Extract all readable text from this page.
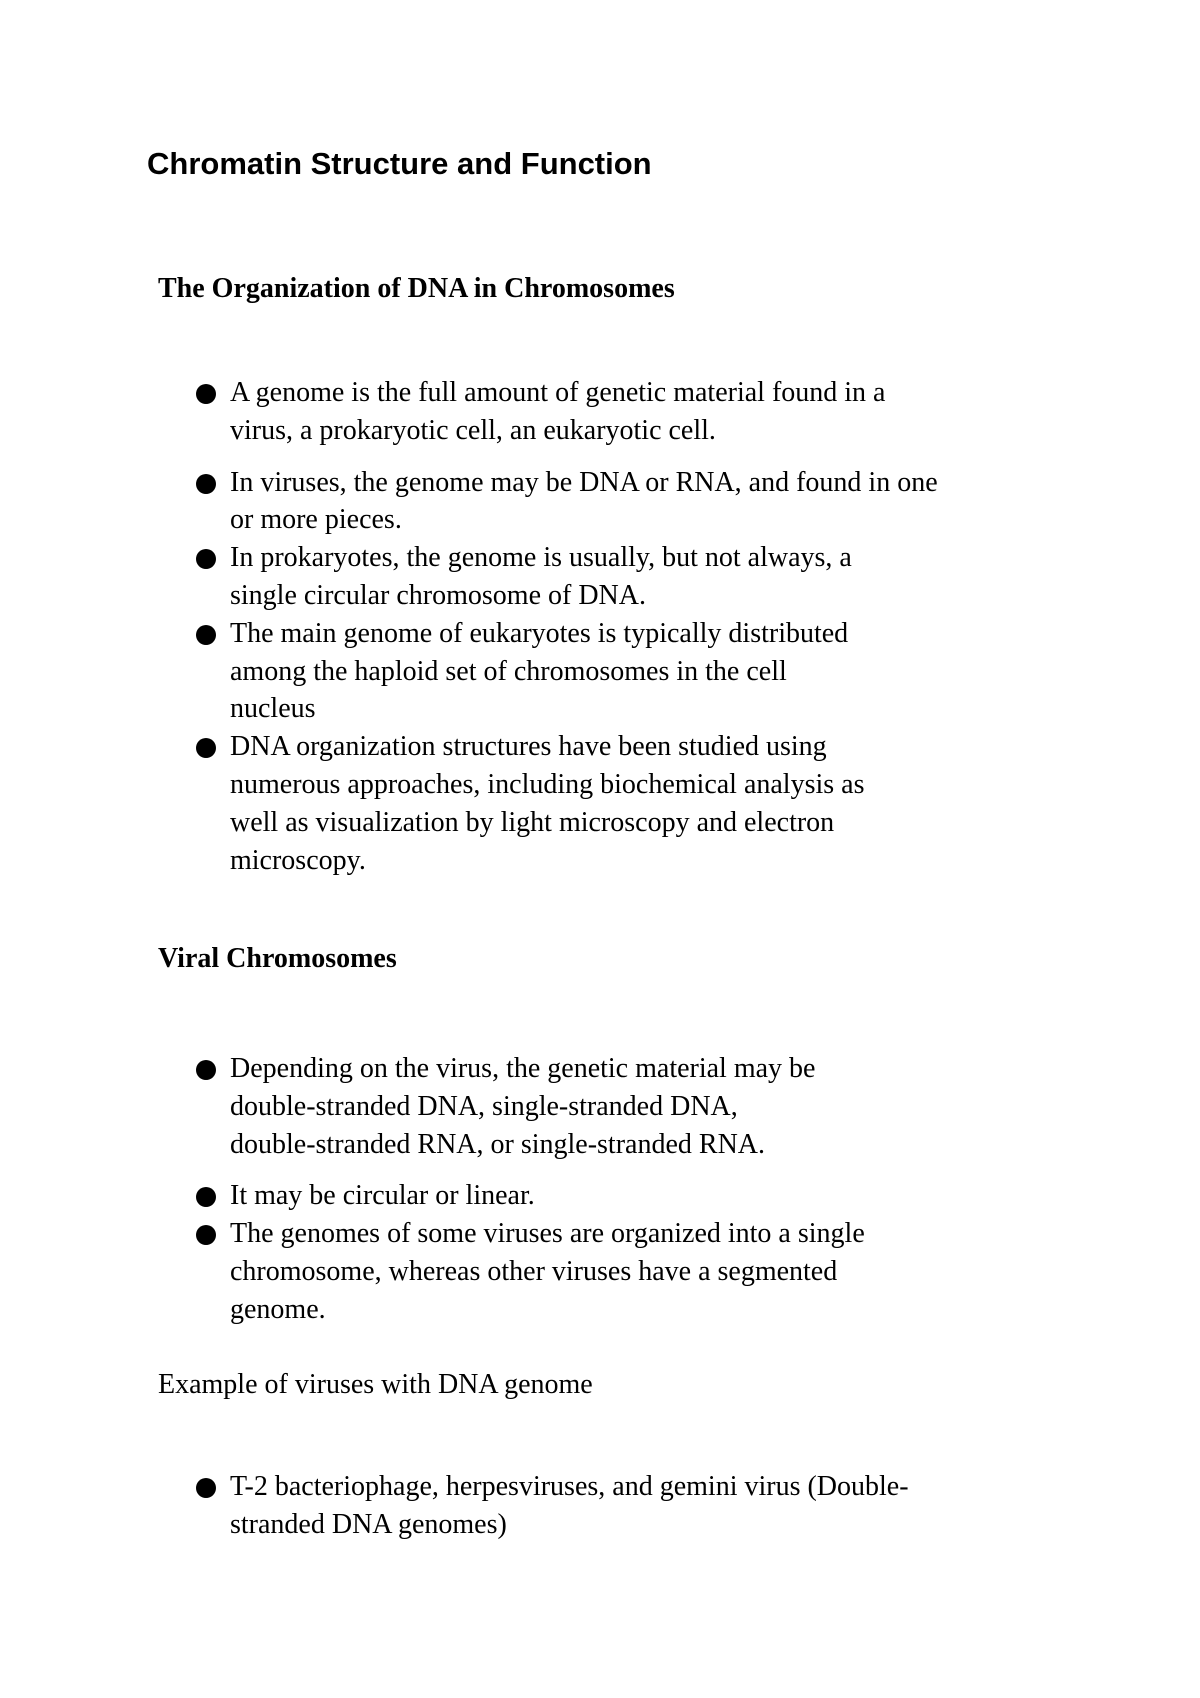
Chromatin Structure and Function
The Organization of DNA in Chromosomes
A genome is the full amount of genetic material found in a
virus, a prokaryotic cell, an eukaryotic cell.
In viruses, the genome may be DNA or RNA, and found in one
or more pieces.
In prokaryotes, the genome is usually, but not always, a
single circular chromosome of DNA.
The main genome of eukaryotes is typically distributed
among the haploid set of chromosomes in the cell
nucleus
DNA organization structures have been studied using
numerous approaches, including biochemical analysis as
well as visualization by light microscopy and electron
microscopy.
Viral Chromosomes
Depending on the virus, the genetic material may be
double-stranded DNA, single-stranded DNA,
double-stranded RNA, or single-stranded RNA.
It may be circular or linear.
The genomes of some viruses are organized into a single
chromosome, whereas other viruses have a segmented
genome.

Example of viruses with DNA genome

T-2 bacteriophage, herpesviruses, and gemini virus (Double-
stranded DNA genomes)
